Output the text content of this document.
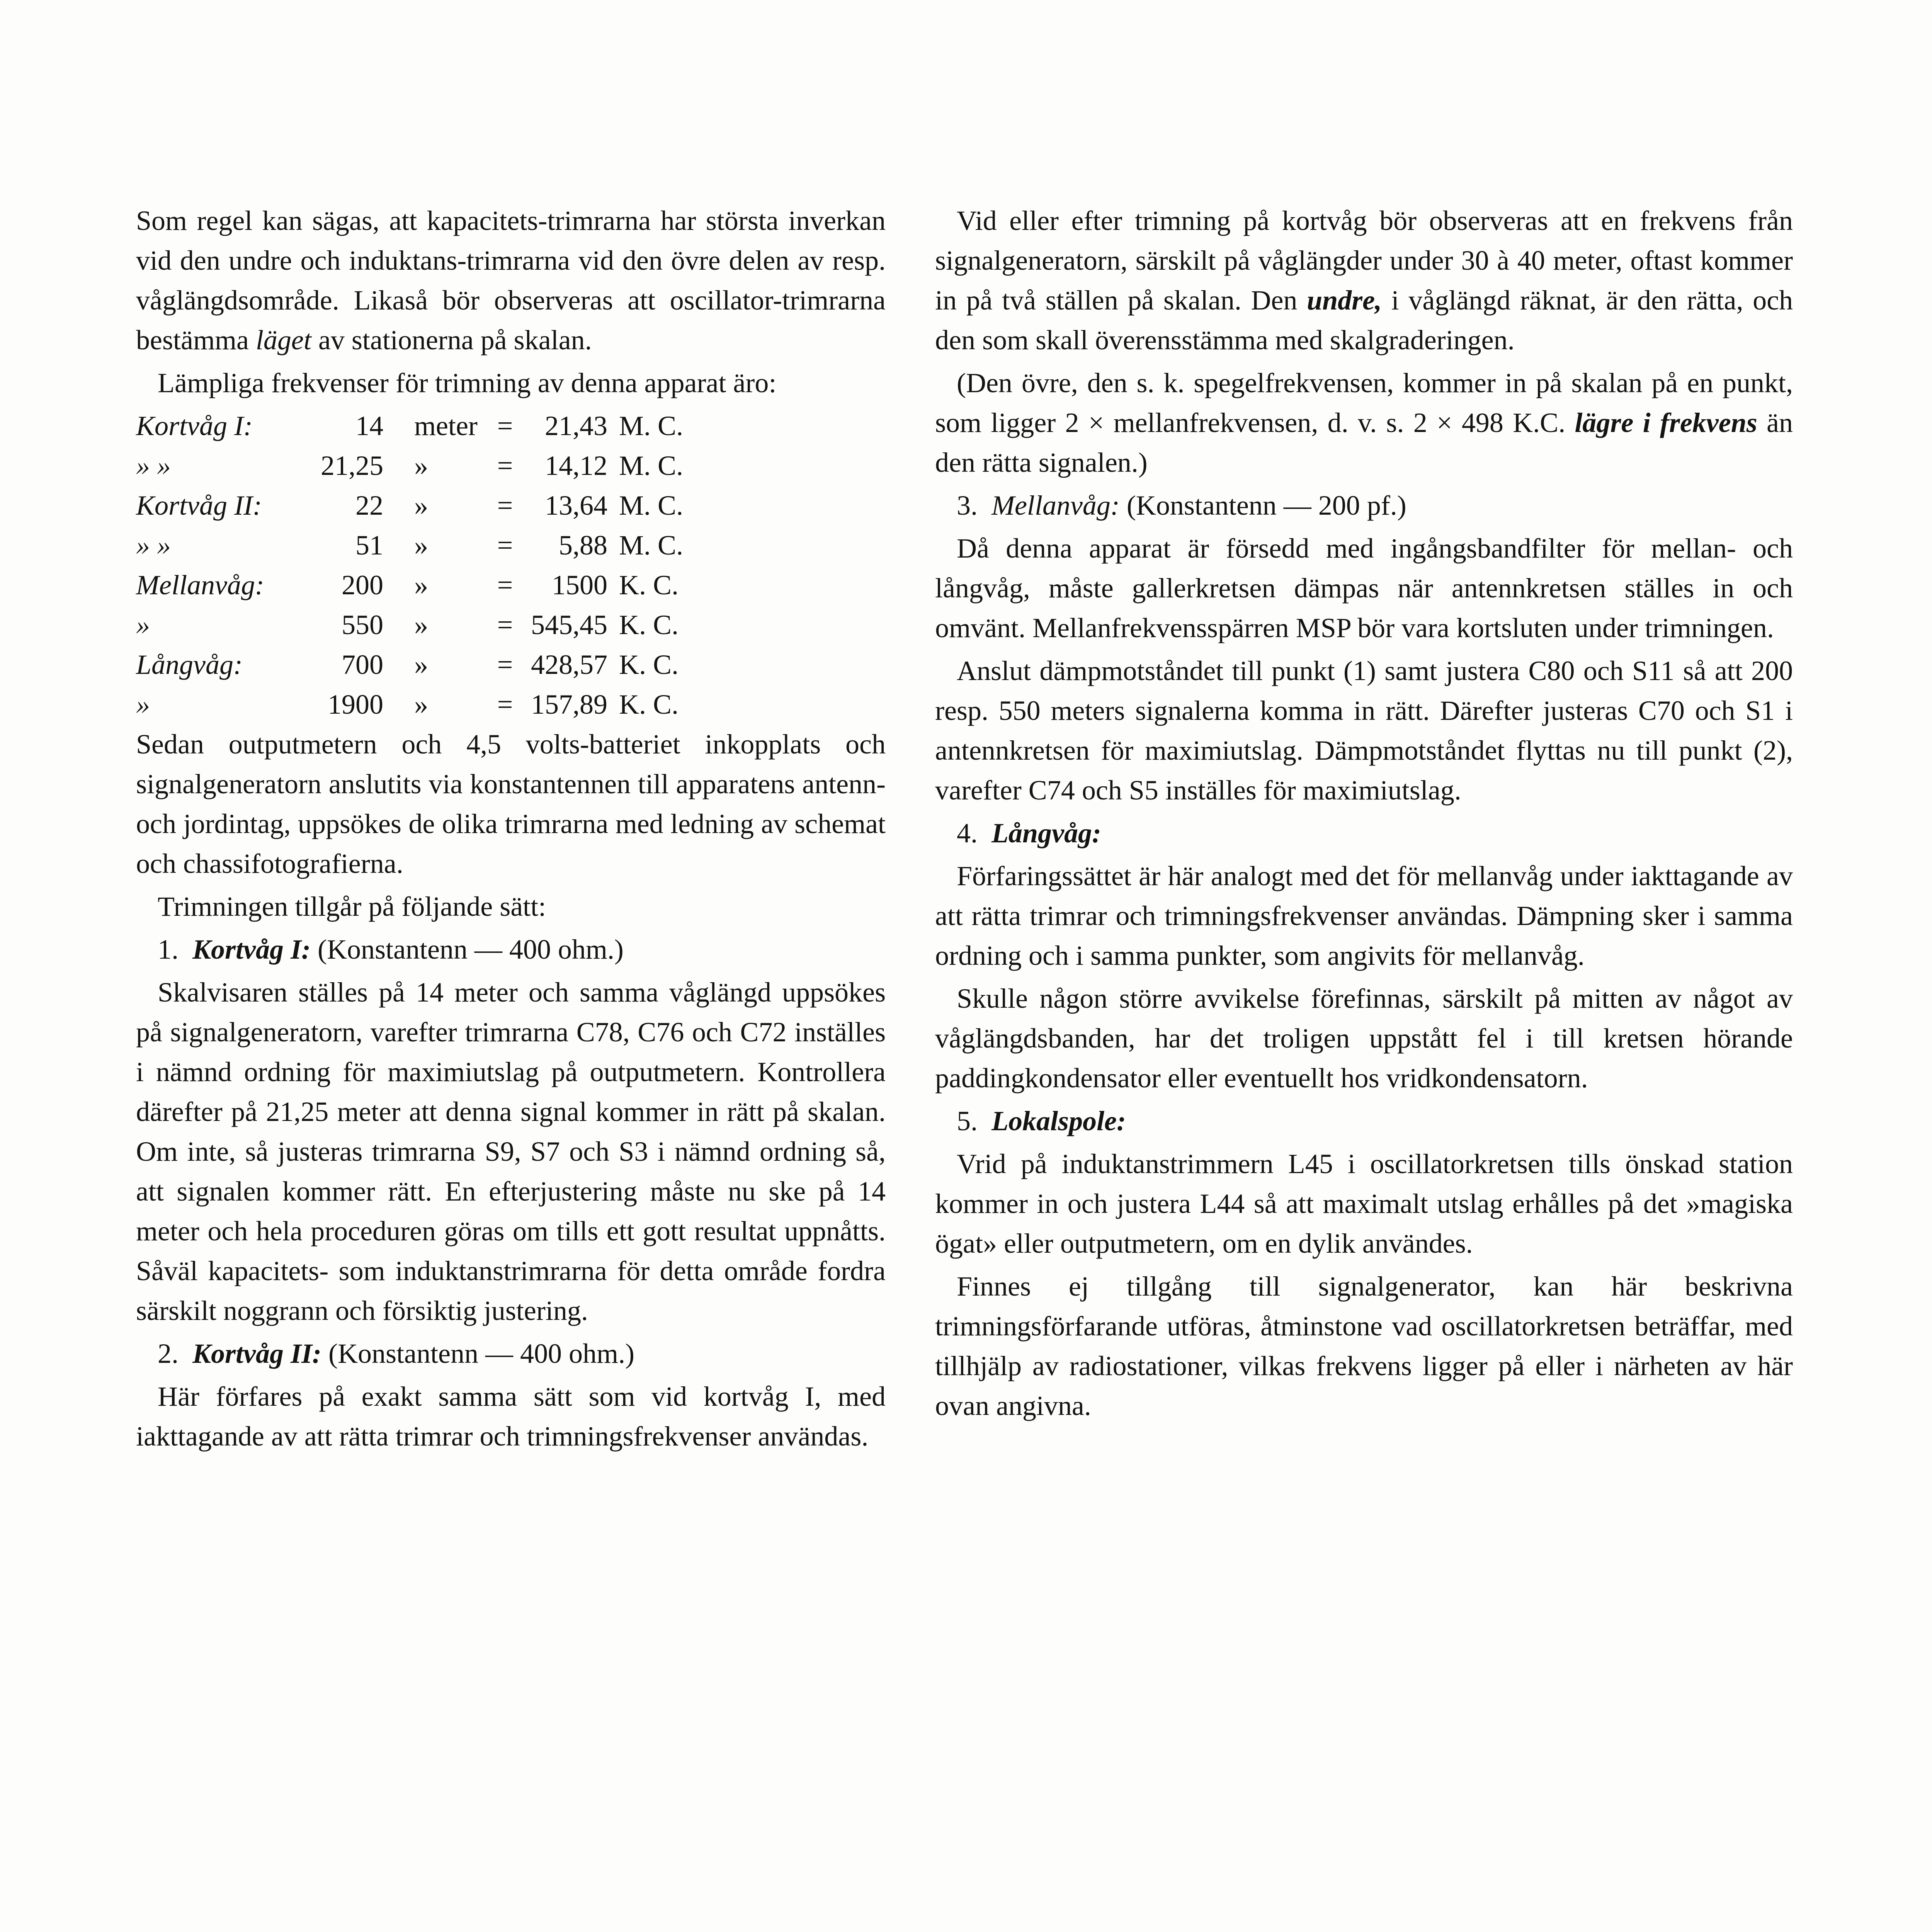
Som regel kan sägas, att kapacitets-trimrarna har största inverkan vid den undre och induktans-trimrarna vid den övre delen av resp. våglängdsområde. Likaså bör observeras att oscillator-trimrarna bestämma läget av stationerna på skalan.

Lämpliga frekvenser för trimning av denna apparat äro:

Kortvåg I:	14	meter	=	21,43	M. C.
» »	21,25	»	=	14,12	M. C.
Kortvåg II:	22	»	=	13,64	M. C.
» »	51	»	=	5,88	M. C.
Mellanvåg:	200	»	=	1500	K. C.
»	550	»	=	545,45	K. C.
Långvåg:	700	»	=	428,57	K. C.
»	1900	»	=	157,89	K. C.

Sedan outputmetern och 4,5 volts-batteriet inkopplats och signalgeneratorn anslutits via konstantennen till apparatens antenn- och jordintag, uppsökes de olika trimrarna med ledning av schemat och chassifotografierna.

Trimningen tillgår på följande sätt:

1. Kortvåg I: (Konstantenn — 400 ohm.)

Skalvisaren ställes på 14 meter och samma våglängd uppsökes på signalgeneratorn, varefter trimrarna C78, C76 och C72 inställes i nämnd ordning för maximiutslag på outputmetern. Kontrollera därefter på 21,25 meter att denna signal kommer in rätt på skalan. Om inte, så justeras trimrarna S9, S7 och S3 i nämnd ordning så, att signalen kommer rätt. En efterjustering måste nu ske på 14 meter och hela proceduren göras om tills ett gott resultat uppnåtts. Såväl kapacitets- som induktanstrimrarna för detta område fordra särskilt noggrann och försiktig justering.

2. Kortvåg II: (Konstantenn — 400 ohm.)

Här förfares på exakt samma sätt som vid kortvåg I, med iakttagande av att rätta trimrar och trimningsfrekvenser användas.

Vid eller efter trimning på kortvåg bör observeras att en frekvens från signalgeneratorn, särskilt på våglängder under 30 à 40 meter, oftast kommer in på två ställen på skalan. Den undre, i våglängd räknat, är den rätta, och den som skall överensstämma med skalgraderingen.

(Den övre, den s. k. spegelfrekvensen, kommer in på skalan på en punkt, som ligger 2 × mellanfrekvensen, d. v. s. 2 × 498 K.C. lägre i frekvens än den rätta signalen.)

3. Mellanvåg: (Konstantenn — 200 pf.)

Då denna apparat är försedd med ingångsbandfilter för mellan- och långvåg, måste gallerkretsen dämpas när antennkretsen ställes in och omvänt. Mellanfrekvensspärren MSP bör vara kortsluten under trimningen.

Anslut dämpmotståndet till punkt (1) samt justera C80 och S11 så att 200 resp. 550 meters signalerna komma in rätt. Därefter justeras C70 och S1 i antennkretsen för maximiutslag. Dämpmotståndet flyttas nu till punkt (2), varefter C74 och S5 inställes för maximiutslag.

4. Långvåg:

Förfaringssättet är här analogt med det för mellanvåg under iakttagande av att rätta trimrar och trimningsfrekvenser användas. Dämpning sker i samma ordning och i samma punkter, som angivits för mellanvåg.

Skulle någon större avvikelse förefinnas, särskilt på mitten av något av våglängdsbanden, har det troligen uppstått fel i till kretsen hörande paddingkondensator eller eventuellt hos vridkondensatorn.

5. Lokalspole:

Vrid på induktanstrimmern L45 i oscillatorkretsen tills önskad station kommer in och justera L44 så att maximalt utslag erhålles på det »magiska ögat» eller outputmetern, om en dylik användes.

Finnes ej tillgång till signalgenerator, kan här beskrivna trimningsförfarande utföras, åtminstone vad oscillatorkretsen beträffar, med tillhjälp av radiostationer, vilkas frekvens ligger på eller i närheten av här ovan angivna.
